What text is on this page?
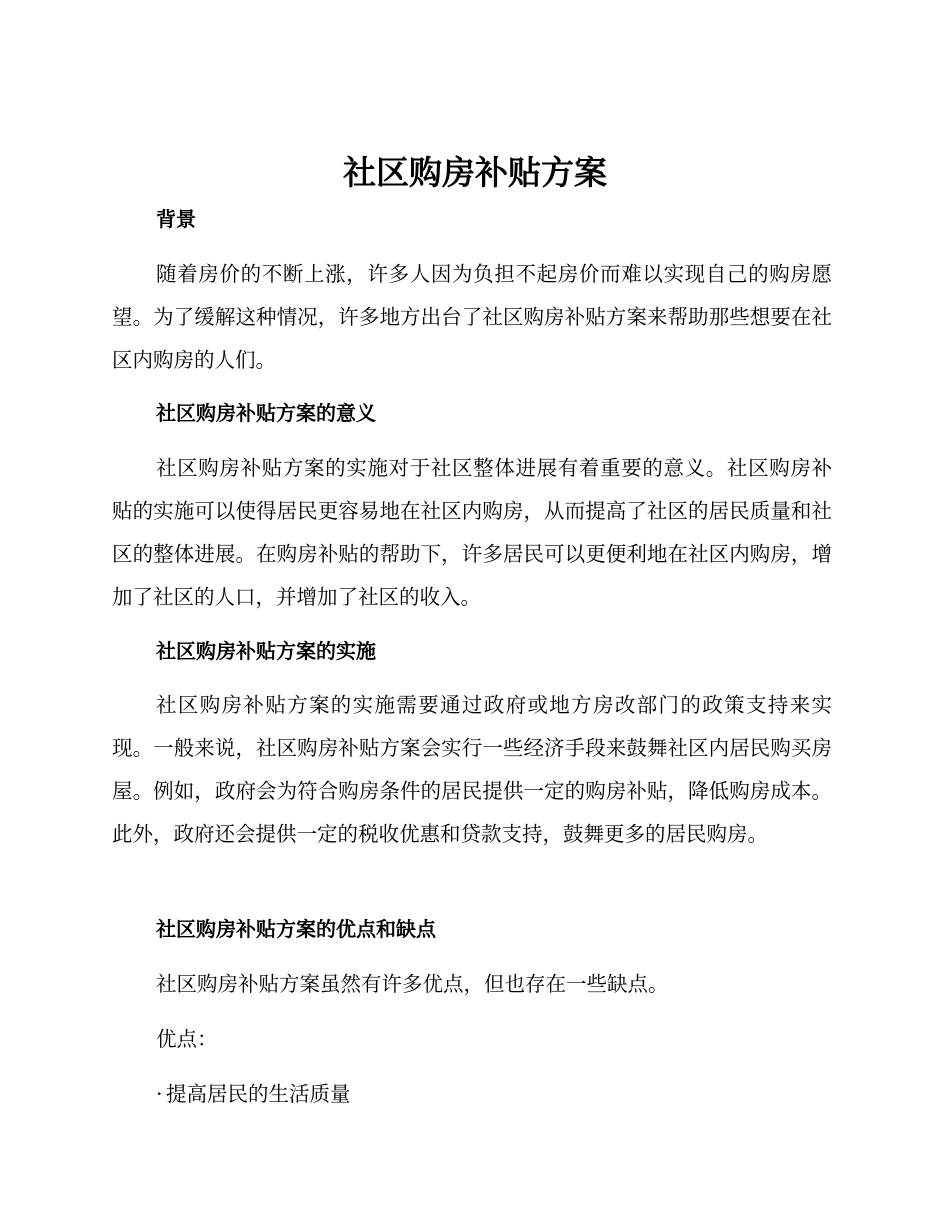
社区购房补贴方案
背景

随着房价的不断上涨，许多人因为负担不起房价而难以实现自己的购房愿望。为了缓解这种情况，许多地方出台了社区购房补贴方案来帮助那些想要在社区内购房的人们。

社区购房补贴方案的意义

社区购房补贴方案的实施对于社区整体进展有着重要的意义。社区购房补贴的实施可以使得居民更容易地在社区内购房，从而提高了社区的居民质量和社区的整体进展。在购房补贴的帮助下，许多居民可以更便利地在社区内购房，增加了社区的人口，并增加了社区的收入。

社区购房补贴方案的实施

社区购房补贴方案的实施需要通过政府或地方房改部门的政策支持来实现。一般来说，社区购房补贴方案会实行一些经济手段来鼓舞社区内居民购买房屋。例如，政府会为符合购房条件的居民提供一定的购房补贴，降低购房成本。此外，政府还会提供一定的税收优惠和贷款支持，鼓舞更多的居民购房。

社区购房补贴方案的优点和缺点

社区购房补贴方案虽然有许多优点，但也存在一些缺点。

优点：

· 提高居民的生活质量
